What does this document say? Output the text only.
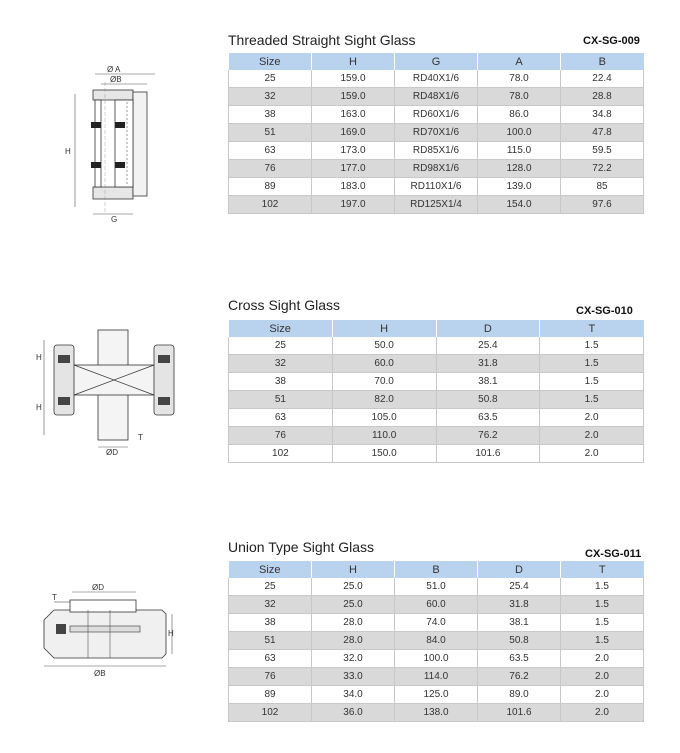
Threaded Straight Sight Glass	CX-SG-009
Ø A
ØB
H
G
Size	H	G	A	B
25	159.0	RD40X1/6	78.0	22.4
32	159.0	RD48X1/6	78.0	28.8
38	163.0	RD60X1/6	86.0	34.8
51	169.0	RD70X1/6	100.0	47.8
63	173.0	RD85X1/6	115.0	59.5
76	177.0	RD98X1/6	128.0	72.2
89	183.0	RD110X1/6	139.0	85
102	197.0	RD125X1/4	154.0	97.6
Cross Sight Glass	CX-SG-010
H
H
ØD
T
Size	H	D	T
25	50.0	25.4	1.5
32	60.0	31.8	1.5
38	70.0	38.1	1.5
51	82.0	50.8	1.5
63	105.0	63.5	2.0
76	110.0	76.2	2.0
102	150.0	101.6	2.0
Union Type Sight Glass	CX-SG-011
ØD
T
ØB
H
Size	H	B	D	T
25	25.0	51.0	25.4	1.5
32	25.0	60.0	31.8	1.5
38	28.0	74.0	38.1	1.5
51	28.0	84.0	50.8	1.5
63	32.0	100.0	63.5	2.0
76	33.0	114.0	76.2	2.0
89	34.0	125.0	89.0	2.0
102	36.0	138.0	101.6	2.0
